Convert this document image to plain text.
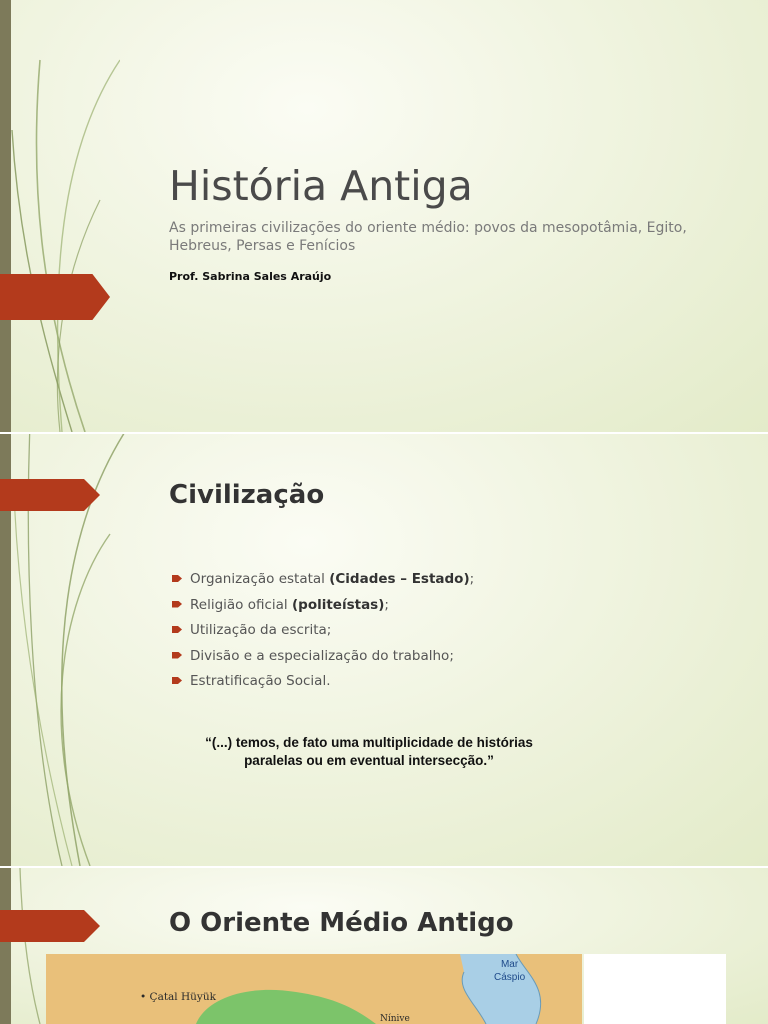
História Antiga

As primeiras civilizações do oriente médio: povos da mesopotâmia, Egito, Hebreus, Persas e Fenícios

Prof. Sabrina Sales Araújo

Civilização
Organização estatal (Cidades – Estado);
Religião oficial (politeístas);
Utilização da escrita;
Divisão e a especialização do trabalho;
Estratificação Social.
“(...) temos, de fato uma multiplicidade de histórias
paralelas ou em eventual intersecção.”
O Oriente Médio Antigo
• Çatal Hüyük
Mar
Cáspio
Nínive
